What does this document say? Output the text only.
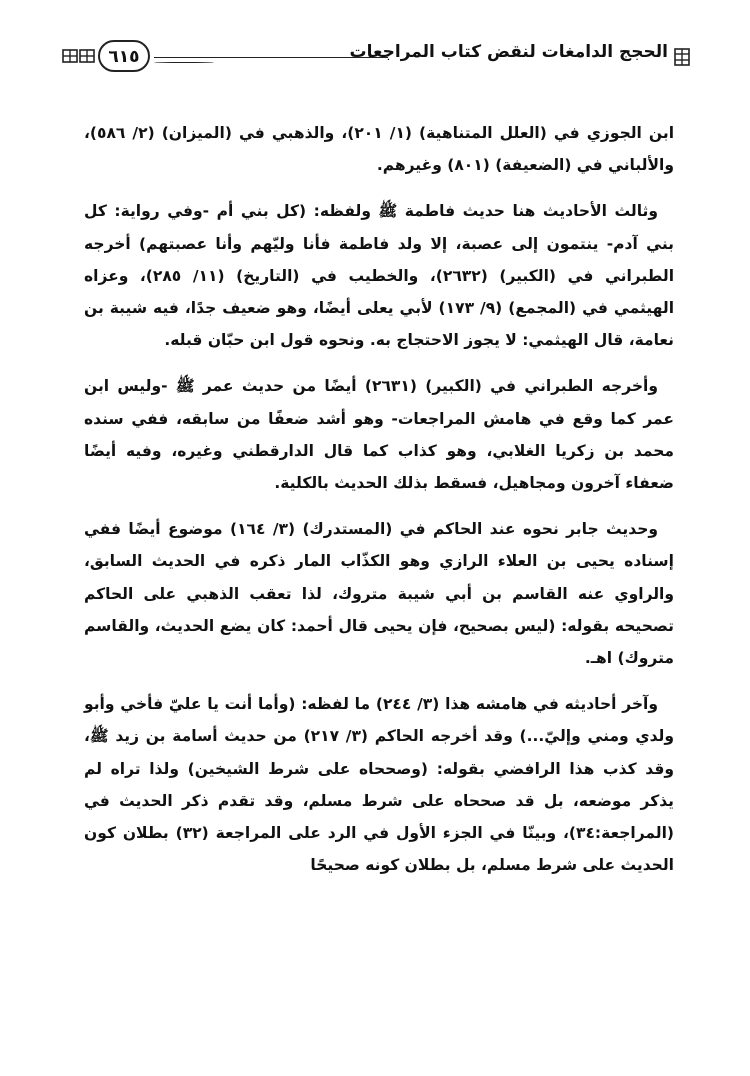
الحجج الدامغات لنقض كتاب المراجعات
٦١٥

ابن الجوزي في (العلل المتناهية) (١/ ٢٠١)، والذهبي في (الميزان) (٢/ ٥٨٦)، والألباني في (الضعيفة) (٨٠١) وغيرهم.

وثالث الأحاديث هنا حديث فاطمة ﷺ ولفظه: (كل بني أم -وفي رواية: كل بني آدم- ينتمون إلى عصبة، إلا ولد فاطمة فأنا وليّهم وأنا عصبتهم) أخرجه الطبراني في (الكبير) (٢٦٣٢)، والخطيب في (التاريخ) (١١/ ٢٨٥)، وعزاه الهيثمي في (المجمع) (٩/ ١٧٣) لأبي يعلى أيضًا، وهو ضعيف جدًا، فيه شيبة بن نعامة، قال الهيثمي: لا يجوز الاحتجاج به. ونحوه قول ابن حبّان قبله.

وأخرجه الطبراني في (الكبير) (٢٦٣١) أيضًا من حديث عمر ﷺ -وليس ابن عمر كما وقع في هامش المراجعات- وهو أشد ضعفًا من سابقه، ففي سنده محمد بن زكريا الغلابي، وهو كذاب كما قال الدارقطني وغيره، وفيه أيضًا ضعفاء آخرون ومجاهيل، فسقط بذلك الحديث بالكلية.

وحديث جابر نحوه عند الحاكم في (المستدرك) (٣/ ١٦٤) موضوع أيضًا ففي إسناده يحيى بن العلاء الرازي وهو الكذّاب المار ذكره في الحديث السابق، والراوي عنه القاسم بن أبي شيبة متروك، لذا تعقب الذهبي على الحاكم تصحيحه بقوله: (ليس بصحيح، فإن يحيى قال أحمد: كان يضع الحديث، والقاسم متروك) اهـ.

وآخر أحاديثه في هامشه هذا (٣/ ٢٤٤) ما لفظه: (وأما أنت يا عليّ فأخي وأبو ولدي ومني وإليّ...) وقد أخرجه الحاكم (٣/ ٢١٧) من حديث أسامة بن زيد ﷺ، وقد كذب هذا الرافضي بقوله: (وصححاه على شرط الشيخين) ولذا تراه لم يذكر موضعه، بل قد صححاه على شرط مسلم، وقد تقدم ذكر الحديث في (المراجعة:٣٤)، وبينّا في الجزء الأول في الرد على المراجعة (٣٢) بطلان كون الحديث على شرط مسلم، بل بطلان كونه صحيحًا
